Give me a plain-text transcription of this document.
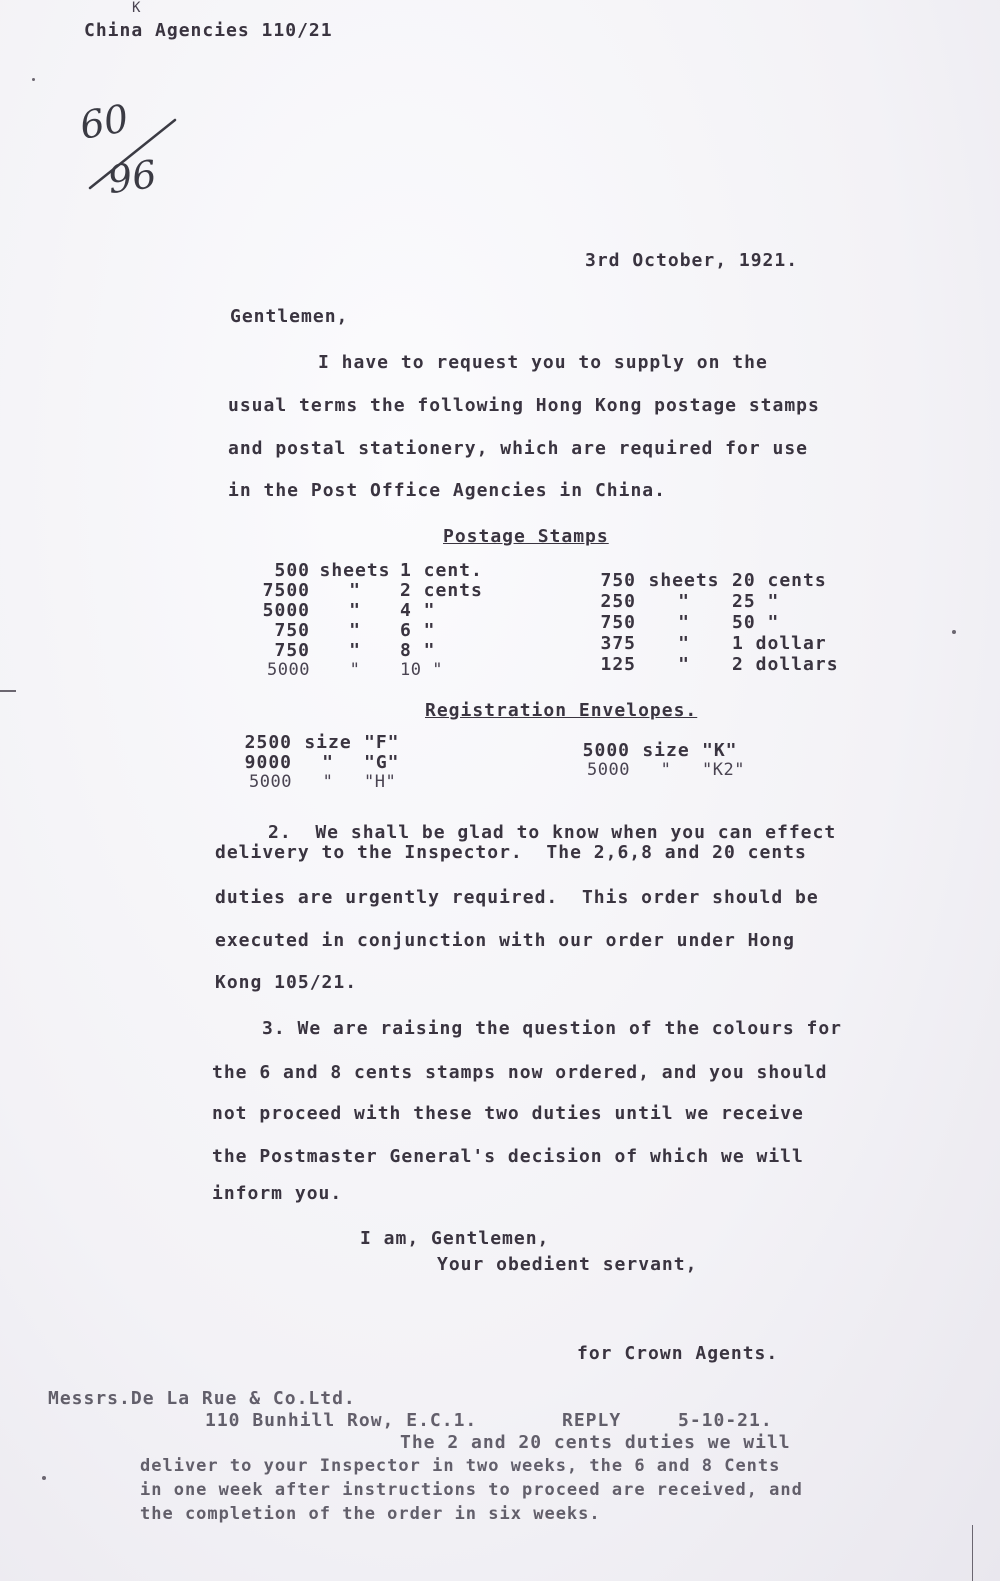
K
China Agencies 110/21
60
96
3rd October, 1921.
Gentlemen,
I have to request you to supply on the
usual terms the following Hong Kong postage stamps
and postal stationery, which are required for use
in the Post Office Agencies in China.
Postage Stamps
500 sheets 1 cent.
7500	"	2 cents
5000	"	4 "
750	"	6 "
750	"	8 "
5000	"	10 "
750 sheets 20 cents
250	"	25 "
750	"	50 "
375	"	1 dollar
125	"	2 dollars
Registration Envelopes.
2500 size "F"
9000	"	"G"
5000	"	"H"
5000 size "K"
5000	"	"K2"
2.  We shall be glad to know when you can effect
delivery to the Inspector.  The 2,6,8 and 20 cents
duties are urgently required.  This order should be
executed in conjunction with our order under Hong
Kong 105/21.
3. We are raising the question of the colours for
the 6 and 8 cents stamps now ordered, and you should
not proceed with these two duties until we receive
the Postmaster General's decision of which we will
inform you.
I am, Gentlemen,
Your obedient servant,
for Crown Agents.
Messrs.De La Rue & Co.Ltd.
110 Bunhill Row, E.C.1.	REPLY	5-10-21.
The 2 and 20 cents duties we will
deliver to your Inspector in two weeks, the 6 and 8 Cents
in one week after instructions to proceed are received, and
the completion of the order in six weeks.
